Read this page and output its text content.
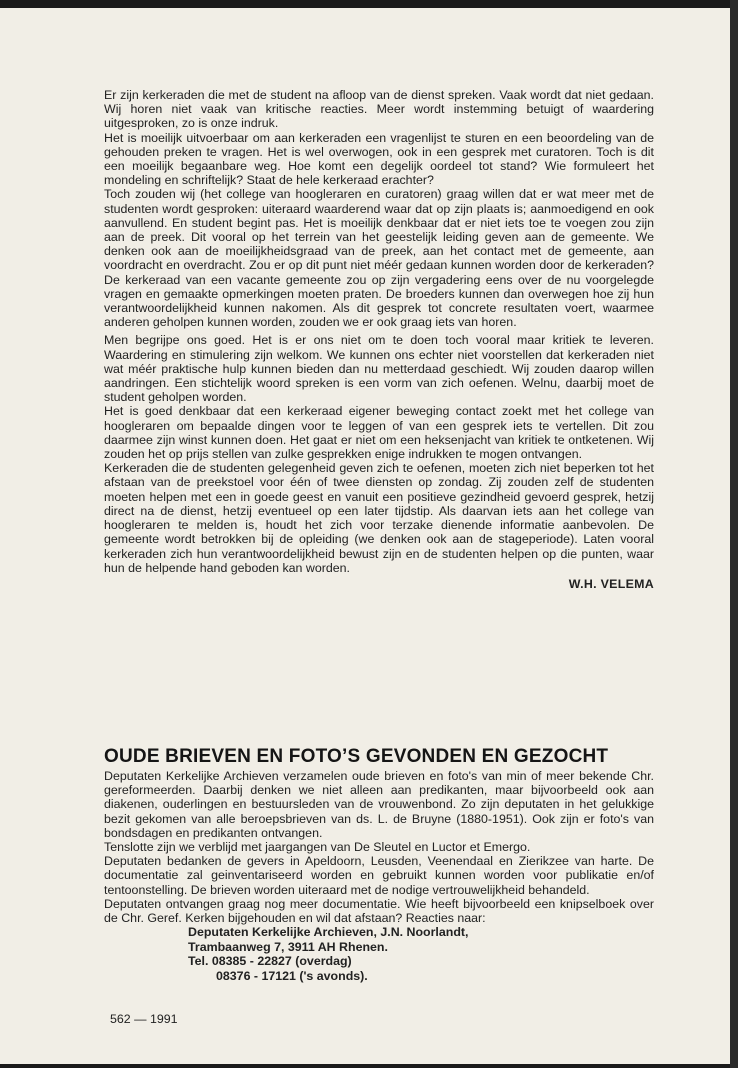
Er zijn kerkeraden die met de student na afloop van de dienst spreken. Vaak wordt dat niet gedaan. Wij horen niet vaak van kritische reacties. Meer wordt instemming betuigt of waardering uitgesproken, zo is onze indruk.

Het is moeilijk uitvoerbaar om aan kerkeraden een vragenlijst te sturen en een beoordeling van de gehouden preken te vragen. Het is wel overwogen, ook in een gesprek met curatoren. Toch is dit een moeilijk begaanbare weg. Hoe komt een degelijk oordeel tot stand? Wie formuleert het mondeling en schriftelijk? Staat de hele kerkeraad erachter?

Toch zouden wij (het college van hoogleraren en curatoren) graag willen dat er wat meer met de studenten wordt gesproken: uiteraard waarderend waar dat op zijn plaats is; aanmoedigend en ook aanvullend. En student begint pas. Het is moeilijk denkbaar dat er niet iets toe te voegen zou zijn aan de preek. Dit vooral op het terrein van het geestelijk leiding geven aan de gemeente. We denken ook aan de moeilijkheidsgraad van de preek, aan het contact met de gemeente, aan voordracht en overdracht. Zou er op dit punt niet méér gedaan kunnen worden door de kerkeraden? De kerkeraad van een vacante gemeente zou op zijn vergadering eens over de nu voorgelegde vragen en gemaakte opmerkingen moeten praten. De broeders kunnen dan overwegen hoe zij hun verantwoordelijkheid kunnen nakomen. Als dit gesprek tot concrete resultaten voert, waarmee anderen geholpen kunnen worden, zouden we er ook graag iets van horen.

Men begrijpe ons goed. Het is er ons niet om te doen toch vooral maar kritiek te leveren. Waardering en stimulering zijn welkom. We kunnen ons echter niet voorstellen dat kerkeraden niet wat méér praktische hulp kunnen bieden dan nu metterdaad geschiedt. Wij zouden daarop willen aandringen. Een stichtelijk woord spreken is een vorm van zich oefenen. Welnu, daarbij moet de student geholpen worden.

Het is goed denkbaar dat een kerkeraad eigener beweging contact zoekt met het college van hoogleraren om bepaalde dingen voor te leggen of van een gesprek iets te vertellen. Dit zou daarmee zijn winst kunnen doen. Het gaat er niet om een heksenjacht van kritiek te ontketenen. Wij zouden het op prijs stellen van zulke gesprekken enige indrukken te mogen ontvangen.

Kerkeraden die de studenten gelegenheid geven zich te oefenen, moeten zich niet beperken tot het afstaan van de preekstoel voor één of twee diensten op zondag. Zij zouden zelf de studenten moeten helpen met een in goede geest en vanuit een positieve gezindheid gevoerd gesprek, hetzij direct na de dienst, hetzij eventueel op een later tijdstip. Als daarvan iets aan het college van hoogleraren te melden is, houdt het zich voor terzake dienende informatie aanbevolen. De gemeente wordt betrokken bij de opleiding (we denken ook aan de stageperiode). Laten vooral kerkeraden zich hun verantwoordelijkheid bewust zijn en de studenten helpen op die punten, waar hun de helpende hand geboden kan worden.

W.H. VELEMA
OUDE BRIEVEN EN FOTO’S GEVONDEN EN GEZOCHT

Deputaten Kerkelijke Archieven verzamelen oude brieven en foto's van min of meer bekende Chr. gereformeerden. Daarbij denken we niet alleen aan predikanten, maar bijvoorbeeld ook aan diakenen, ouderlingen en bestuursleden van de vrouwenbond. Zo zijn deputaten in het gelukkige bezit gekomen van alle beroepsbrieven van ds. L. de Bruyne (1880-1951). Ook zijn er foto's van bondsdagen en predikanten ontvangen.

Tenslotte zijn we verblijd met jaargangen van De Sleutel en Luctor et Emergo.

Deputaten bedanken de gevers in Apeldoorn, Leusden, Veenendaal en Zierikzee van harte. De documentatie zal geinventariseerd worden en gebruikt kunnen worden voor publikatie en/of tentoonstelling. De brieven worden uiteraard met de nodige vertrouwelijkheid behandeld.

Deputaten ontvangen graag nog meer documentatie. Wie heeft bijvoorbeeld een knipselboek over de Chr. Geref. Kerken bijgehouden en wil dat afstaan? Reacties naar:

Deputaten Kerkelijke Archieven, J.N. Noorlandt,
Trambaanweg 7, 3911 AH Rhenen.
Tel. 08385 - 22827 (overdag)
08376 - 17121 ('s avonds).
562 — 1991
